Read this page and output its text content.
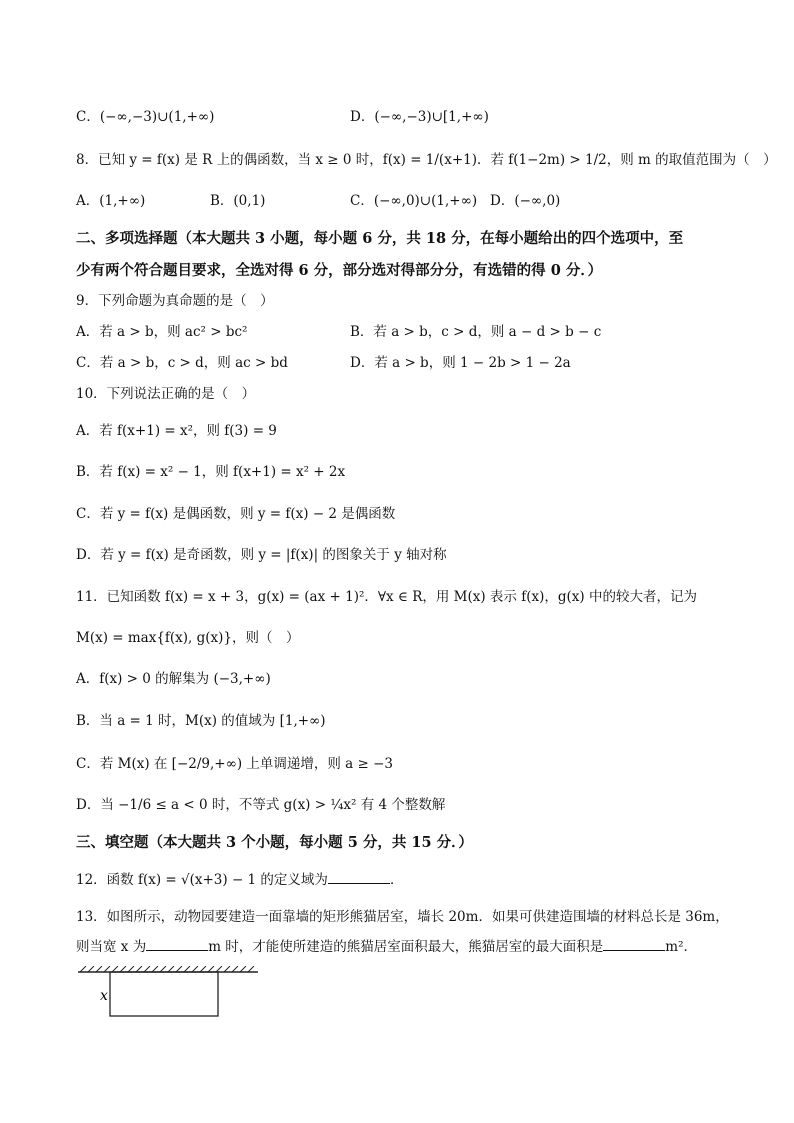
C．(−∞,−3)∪(1,+∞)	D．(−∞,−3)∪[1,+∞)
8．已知 y = f(x) 是 R 上的偶函数，当 x ≥ 0 时，f(x) = 1/(x+1)．若 f(1−2m) > 1/2，则 m 的取值范围为（　）
A．(1,+∞)	B．(0,1)	C．(−∞,0)∪(1,+∞) D．(−∞,0)
二、多项选择题（本大题共 3 小题，每小题 6 分，共 18 分，在每小题给出的四个选项中，至
少有两个符合题目要求，全选对得 6 分，部分选对得部分分，有选错的得 0 分．）
9．下列命题为真命题的是（　）
A．若 a > b，则 ac² > bc²	B．若 a > b，c > d，则 a − d > b − c
C．若 a > b，c > d，则 ac > bd	D．若 a > b，则 1 − 2b > 1 − 2a
10．下列说法正确的是（　）
A．若 f(x+1) = x²，则 f(3) = 9
B．若 f(x) = x² − 1，则 f(x+1) = x² + 2x
C．若 y = f(x) 是偶函数，则 y = f(x) − 2 是偶函数
D．若 y = f(x) 是奇函数，则 y = |f(x)| 的图象关于 y 轴对称
11．已知函数 f(x) = x + 3，g(x) = (ax + 1)²．∀x ∈ R，用 M(x) 表示 f(x)，g(x) 中的较大者，记为
M(x) = max{f(x), g(x)}，则（　）
A．f(x) > 0 的解集为 (−3,+∞)
B．当 a = 1 时，M(x) 的值域为 [1,+∞)
C．若 M(x) 在 [−2/9,+∞) 上单调递增，则 a ≥ −3
D．当 −1/6 ≤ a < 0 时，不等式 g(x) > ¼x² 有 4 个整数解
三、填空题（本大题共 3 个小题，每小题 5 分，共 15 分．）
12．函数 f(x) = √(x+3) − 1 的定义域为	．
13．如图所示，动物园要建造一面靠墙的矩形熊猫居室，墙长 20m．如果可供建造围墙的材料总长是 36m，
则当宽 x 为	m 时，才能使所建造的熊猫居室面积最大，熊猫居室的最大面积是	m²．
x
